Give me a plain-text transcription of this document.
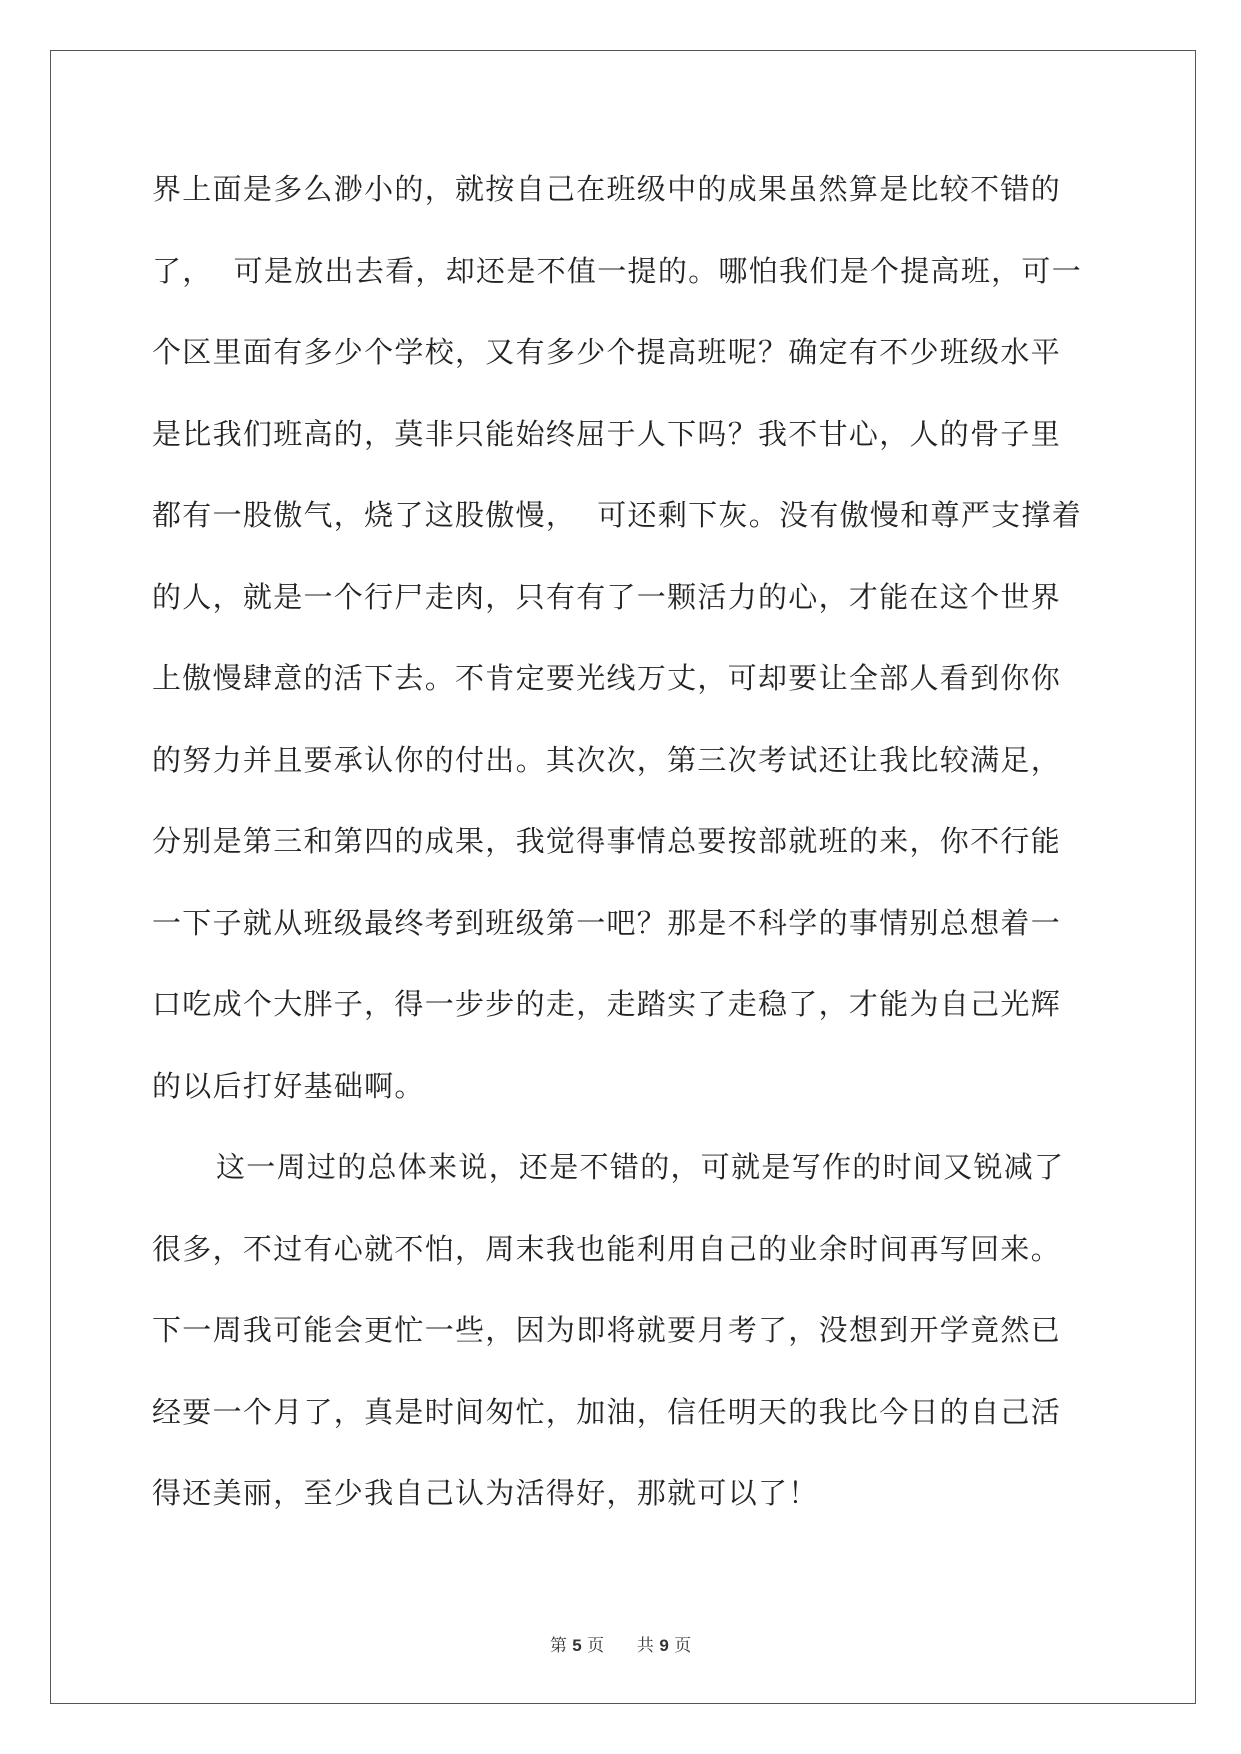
界上面是多么渺小的，就按自己在班级中的成果虽然算是比较不错的
了，  可是放出去看，却还是不值一提的。哪怕我们是个提高班，可一
个区里面有多少个学校，又有多少个提高班呢？确定有不少班级水平
是比我们班高的，莫非只能始终屈于人下吗？我不甘心，人的骨子里
都有一股傲气，烧了这股傲慢，  可还剩下灰。没有傲慢和尊严支撑着
的人，就是一个行尸走肉，只有有了一颗活力的心，才能在这个世界
上傲慢肆意的活下去。不肯定要光线万丈，可却要让全部人看到你你
的努力并且要承认你的付出。其次次，第三次考试还让我比较满足，
分别是第三和第四的成果，我觉得事情总要按部就班的来，你不行能
一下子就从班级最终考到班级第一吧？那是不科学的事情别总想着一
口吃成个大胖子，得一步步的走，走踏实了走稳了，才能为自己光辉
的以后打好基础啊。
这一周过的总体来说，还是不错的，可就是写作的时间又锐减了
很多，不过有心就不怕，周末我也能利用自己的业余时间再写回来。
下一周我可能会更忙一些，因为即将就要月考了，没想到开学竟然已
经要一个月了，真是时间匆忙，加油，信任明天的我比今日的自己活
得还美丽，至少我自己认为活得好，那就可以了！
第 5 页 共 9 页
